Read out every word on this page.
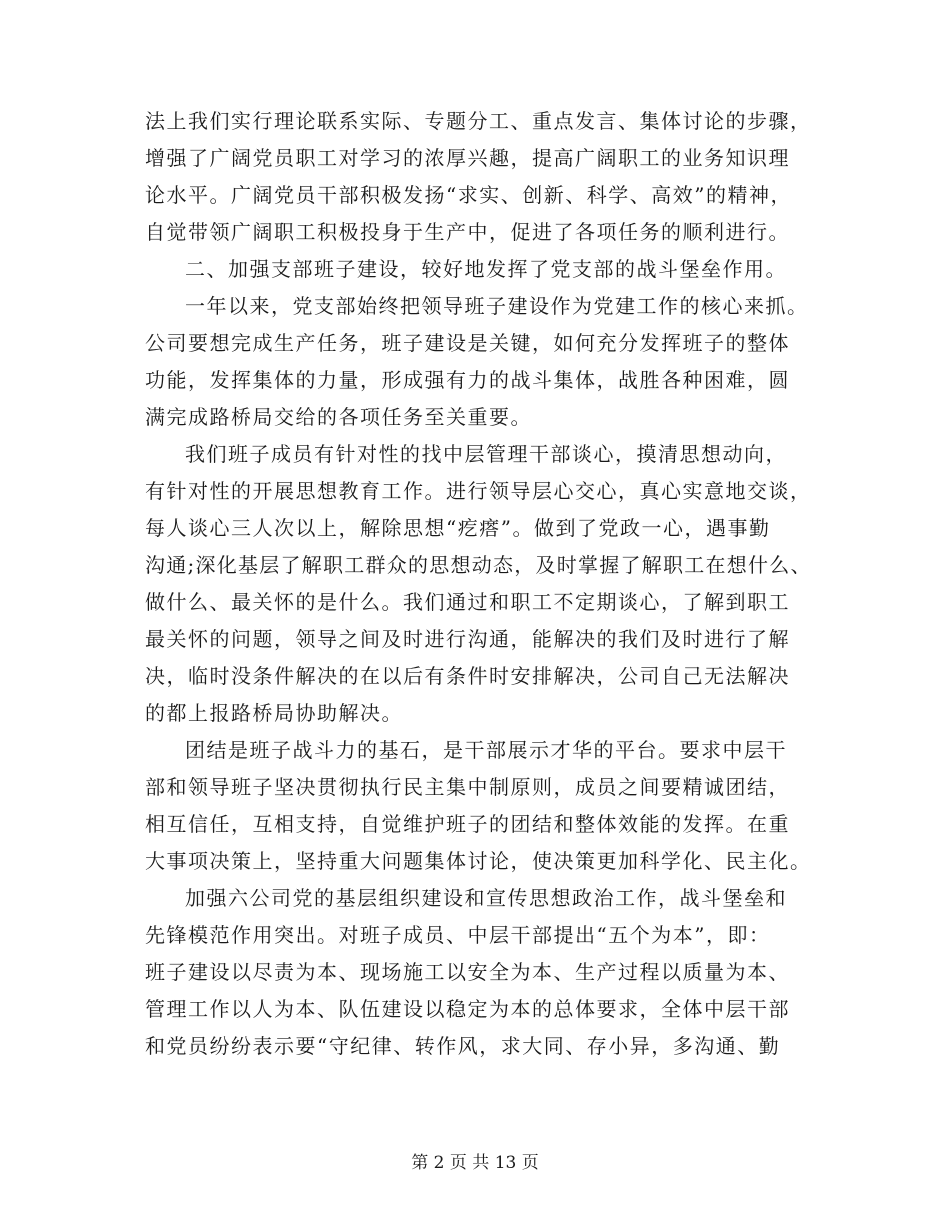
法上我们实行理论联系实际、专题分工、重点发言、集体讨论的步骤，
增强了广阔党员职工对学习的浓厚兴趣，提高广阔职工的业务知识理
论水平。广阔党员干部积极发扬“求实、创新、科学、高效”的精神，
自觉带领广阔职工积极投身于生产中，促进了各项任务的顺利进行。
二、加强支部班子建设，较好地发挥了党支部的战斗堡垒作用。
一年以来，党支部始终把领导班子建设作为党建工作的核心来抓。
公司要想完成生产任务，班子建设是关键，如何充分发挥班子的整体
功能，发挥集体的力量，形成强有力的战斗集体，战胜各种困难，圆
满完成路桥局交给的各项任务至关重要。
我们班子成员有针对性的找中层管理干部谈心，摸清思想动向，
有针对性的开展思想教育工作。进行领导层心交心，真心实意地交谈，
每人谈心三人次以上，解除思想“疙瘩”。做到了党政一心，遇事勤
沟通;深化基层了解职工群众的思想动态，及时掌握了解职工在想什么、
做什么、最关怀的是什么。我们通过和职工不定期谈心，了解到职工
最关怀的问题，领导之间及时进行沟通，能解决的我们及时进行了解
决，临时没条件解决的在以后有条件时安排解决，公司自己无法解决
的都上报路桥局协助解决。
团结是班子战斗力的基石，是干部展示才华的平台。要求中层干
部和领导班子坚决贯彻执行民主集中制原则，成员之间要精诚团结，
相互信任，互相支持，自觉维护班子的团结和整体效能的发挥。在重
大事项决策上，坚持重大问题集体讨论，使决策更加科学化、民主化。
加强六公司党的基层组织建设和宣传思想政治工作，战斗堡垒和
先锋模范作用突出。对班子成员、中层干部提出“五个为本”，即：
班子建设以尽责为本、现场施工以安全为本、生产过程以质量为本、
管理工作以人为本、队伍建设以稳定为本的总体要求，全体中层干部
和党员纷纷表示要“守纪律、转作风，求大同、存小异，多沟通、勤
第 2 页 共 13 页
